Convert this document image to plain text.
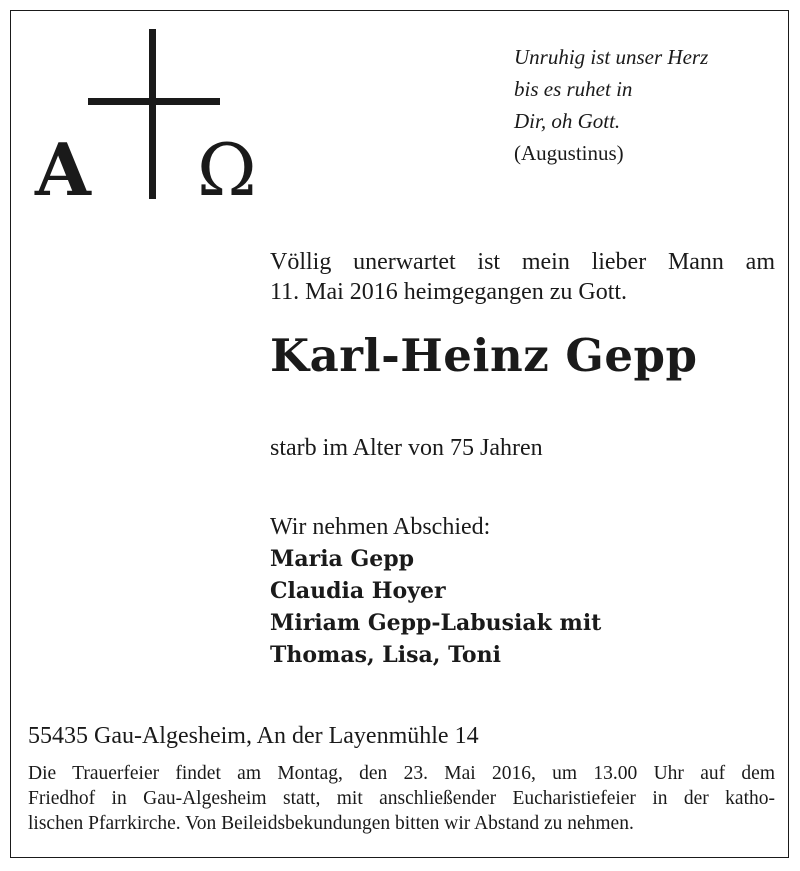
A Ω
Unruhig ist unser Herz
bis es ruhet in
Dir, oh Gott.
(Augustinus)
Völlig unerwartet ist mein lieber Mann am
11. Mai 2016 heimgegangen zu Gott.
Karl-Heinz Gepp
starb im Alter von 75 Jahren
Wir nehmen Abschied:
Maria Gepp
Claudia Hoyer
Miriam Gepp-Labusiak mit
Thomas, Lisa, Toni
55435 Gau-Algesheim, An der Layenmühle 14
Die Trauerfeier findet am Montag, den 23. Mai 2016, um 13.00 Uhr auf dem
Friedhof in Gau-Algesheim statt, mit anschließender Eucharistiefeier in der katho-
lischen Pfarrkirche. Von Beileidsbekundungen bitten wir Abstand zu nehmen.
